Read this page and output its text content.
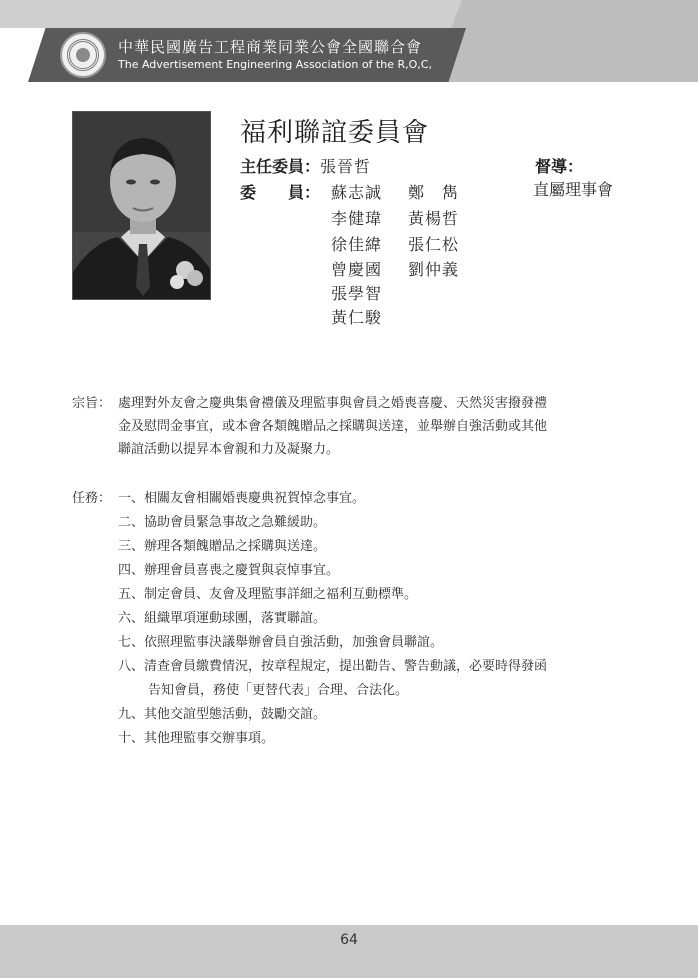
中華民國廣告工程商業同業公會全國聯合會
The Advertisement Engineering Association of the R,O,C,
福利聯誼委員會
主任委員：張晉哲
委　　員： 蘇志誠
李健瑋
徐佳緯
曾慶國
張學智
黃仁駿
鄭　雋
黃楊哲
張仁松
劉仲義
督導：
直屬理事會
宗旨： 處理對外友會之慶典集會禮儀及理監事與會員之婚喪喜慶、天然災害撥發禮
金及慰問金事宜，或本會各類餽贈品之採購與送達，並舉辦自強活動或其他
聯誼活動以提昇本會親和力及凝聚力。
任務： 一、相關友會相關婚喪慶典祝賀悼念事宜。
二、協助會員緊急事故之急難緩助。
三、辦理各類餽贈品之採購與送達。
四、辦理會員喜喪之慶賀與哀悼事宜。
五、制定會員、友會及理監事詳細之福利互動標準。
六、組織單項運動球團，落實聯誼。
七、依照理監事決議舉辦會員自強活動，加強會員聯誼。
八、清查會員繳費情況，按章程規定，提出勸告、警告動議，必要時得發函
告知會員，務使「更替代表」合理、合法化。
九、其他交誼型態活動，鼓勵交誼。
十、其他理監事交辦事項。
64
